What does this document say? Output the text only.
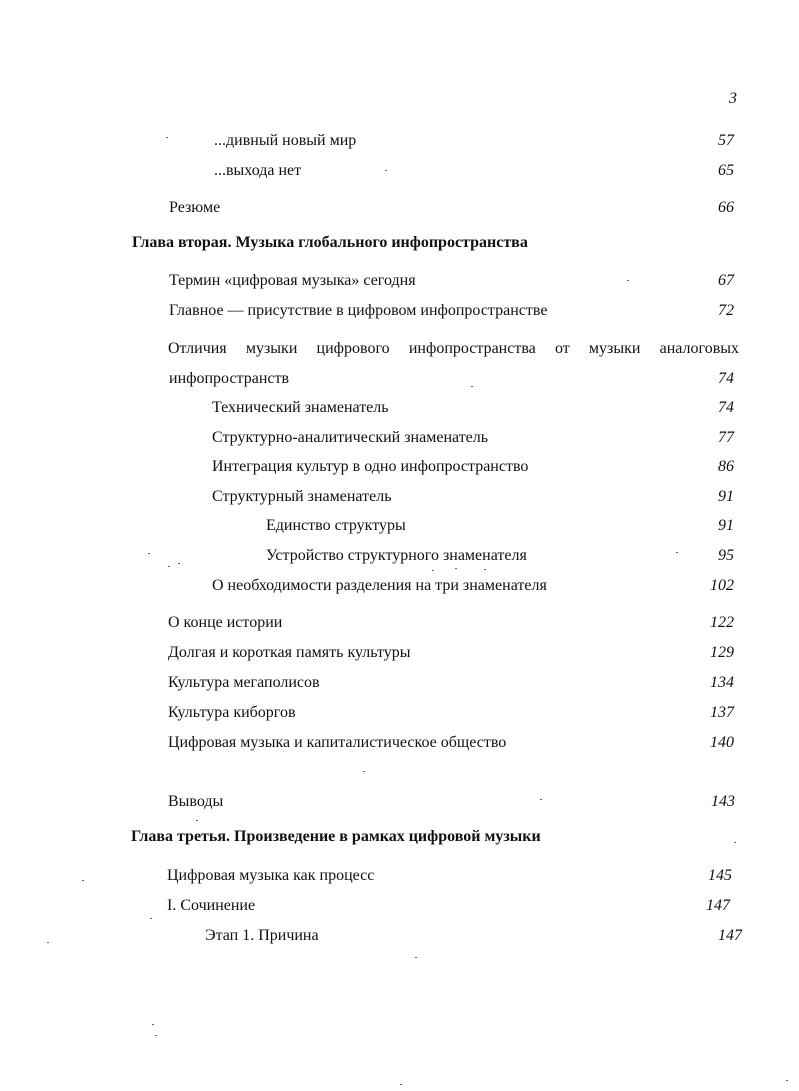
3
...дивный новый мир	57
...выхода нет	65
Резюме	66
Глава вторая. Музыка глобального инфопространства
Термин «цифровая музыка» сегодня	67
Главное — присутствие в цифровом инфопространстве	72
Отличия музыки цифрового инфопространства от музыки аналоговых
инфопространств	74
Технический знаменатель	74
Структурно-аналитический знаменатель	77
Интеграция культур в одно инфопространство	86
Структурный знаменатель	91
Единство структуры	91
Устройство структурного знаменателя	95
О необходимости разделения на три знаменателя	102
О конце истории	122
Долгая и короткая память культуры	129
Культура мегаполисов	134
Культура киборгов	137
Цифровая музыка и капиталистическое общество	140
Выводы	143
Глава третья. Произведение в рамках цифровой музыки
Цифровая музыка как процесс	145
I. Сочинение	147
Этап 1. Причина	147
